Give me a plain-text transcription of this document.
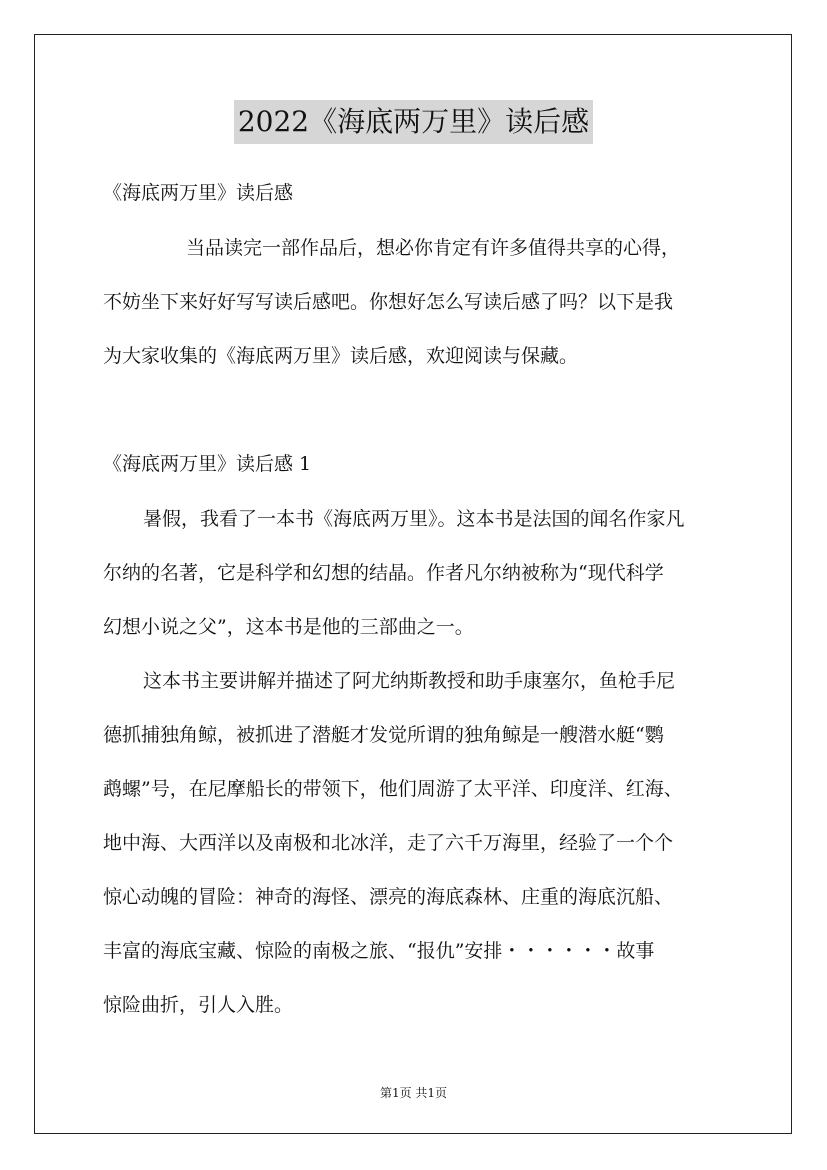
2022《海底两万里》读后感
《海底两万里》读后感
当品读完一部作品后，想必你肯定有许多值得共享的心得，
不妨坐下来好好写写读后感吧。你想好怎么写读后感了吗？以下是我
为大家收集的《海底两万里》读后感，欢迎阅读与保藏。
《海底两万里》读后感 1
暑假，我看了一本书《海底两万里》。这本书是法国的闻名作家凡
尔纳的名著，它是科学和幻想的结晶。作者凡尔纳被称为“现代科学
幻想小说之父”，这本书是他的三部曲之一。
这本书主要讲解并描述了阿尤纳斯教授和助手康塞尔，鱼枪手尼
德抓捕独角鲸，被抓进了潜艇才发觉所谓的独角鲸是一艘潜水艇“鹦
鹉螺”号，在尼摩船长的带领下，他们周游了太平洋、印度洋、红海、
地中海、大西洋以及南极和北冰洋，走了六千万海里，经验了一个个
惊心动魄的冒险：神奇的海怪、漂亮的海底森林、庄重的海底沉船、
丰富的海底宝藏、惊险的南极之旅、“报仇”安排・・・・・・故事
惊险曲折，引人入胜。
第1页 共1页
